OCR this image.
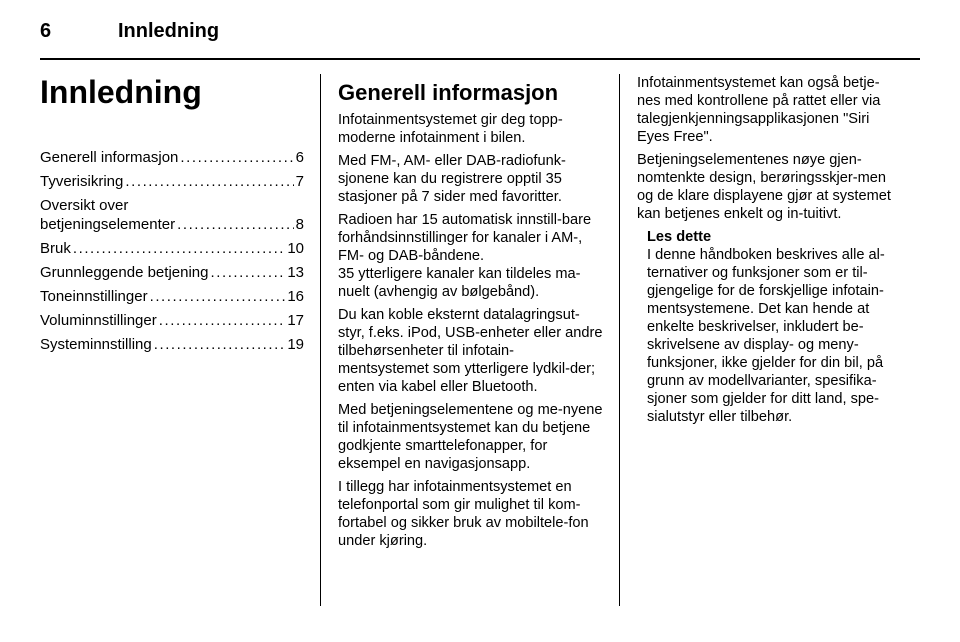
6	Innledning
Innledning
Generell informasjon . . .	6
Tyverisikring . . .	7
Oversikt over
betjeningselementer . . .	8
Bruk . . .	10
Grunnleggende betjening . . .	13
Toneinnstillinger . . .	16
Voluminnstillinger . . .	17
Systeminnstilling . . .	19
Generell informasjon

Infotainmentsystemet gir deg topp-moderne infotainment i bilen.

Med FM-, AM- eller DAB-radiofunk-sjonene kan du registrere opptil 35 stasjoner på 7 sider med favoritter.

Radioen har 15 automatisk innstill-bare forhåndsinnstillinger for kanaler i AM-, FM- og DAB-båndene.

35 ytterligere kanaler kan tildeles ma-nuelt (avhengig av bølgebånd).

Du kan koble eksternt datalagringsut-styr, f.eks. iPod, USB-enheter eller andre tilbehørsenheter til infotain-mentsystemet som ytterligere lydkil-der; enten via kabel eller Bluetooth.

Med betjeningselementene og me-nyene til infotainmentsystemet kan du betjene godkjente smarttelefonapper, for eksempel en navigasjonsapp.

I tillegg har infotainmentsystemet en telefonportal som gir mulighet til kom-fortabel og sikker bruk av mobiltele-fon under kjøring.

Infotainmentsystemet kan også betje-nes med kontrollene på rattet eller via talegjenkjenningsapplikasjonen "Siri Eyes Free".

Betjeningselementenes nøye gjen-nomtenkte design, berøringsskjer-men og de klare displayene gjør at systemet kan betjenes enkelt og in-tuitivt.

Les dette

I denne håndboken beskrives alle al-ternativer og funksjoner som er til-gjengelige for de forskjellige infotain-mentsystemene. Det kan hende at enkelte beskrivelser, inkludert be-skrivelsene av display- og meny-funksjoner, ikke gjelder for din bil, på grunn av modellvarianter, spesifika-sjoner som gjelder for ditt land, spe-sialutstyr eller tilbehør.
